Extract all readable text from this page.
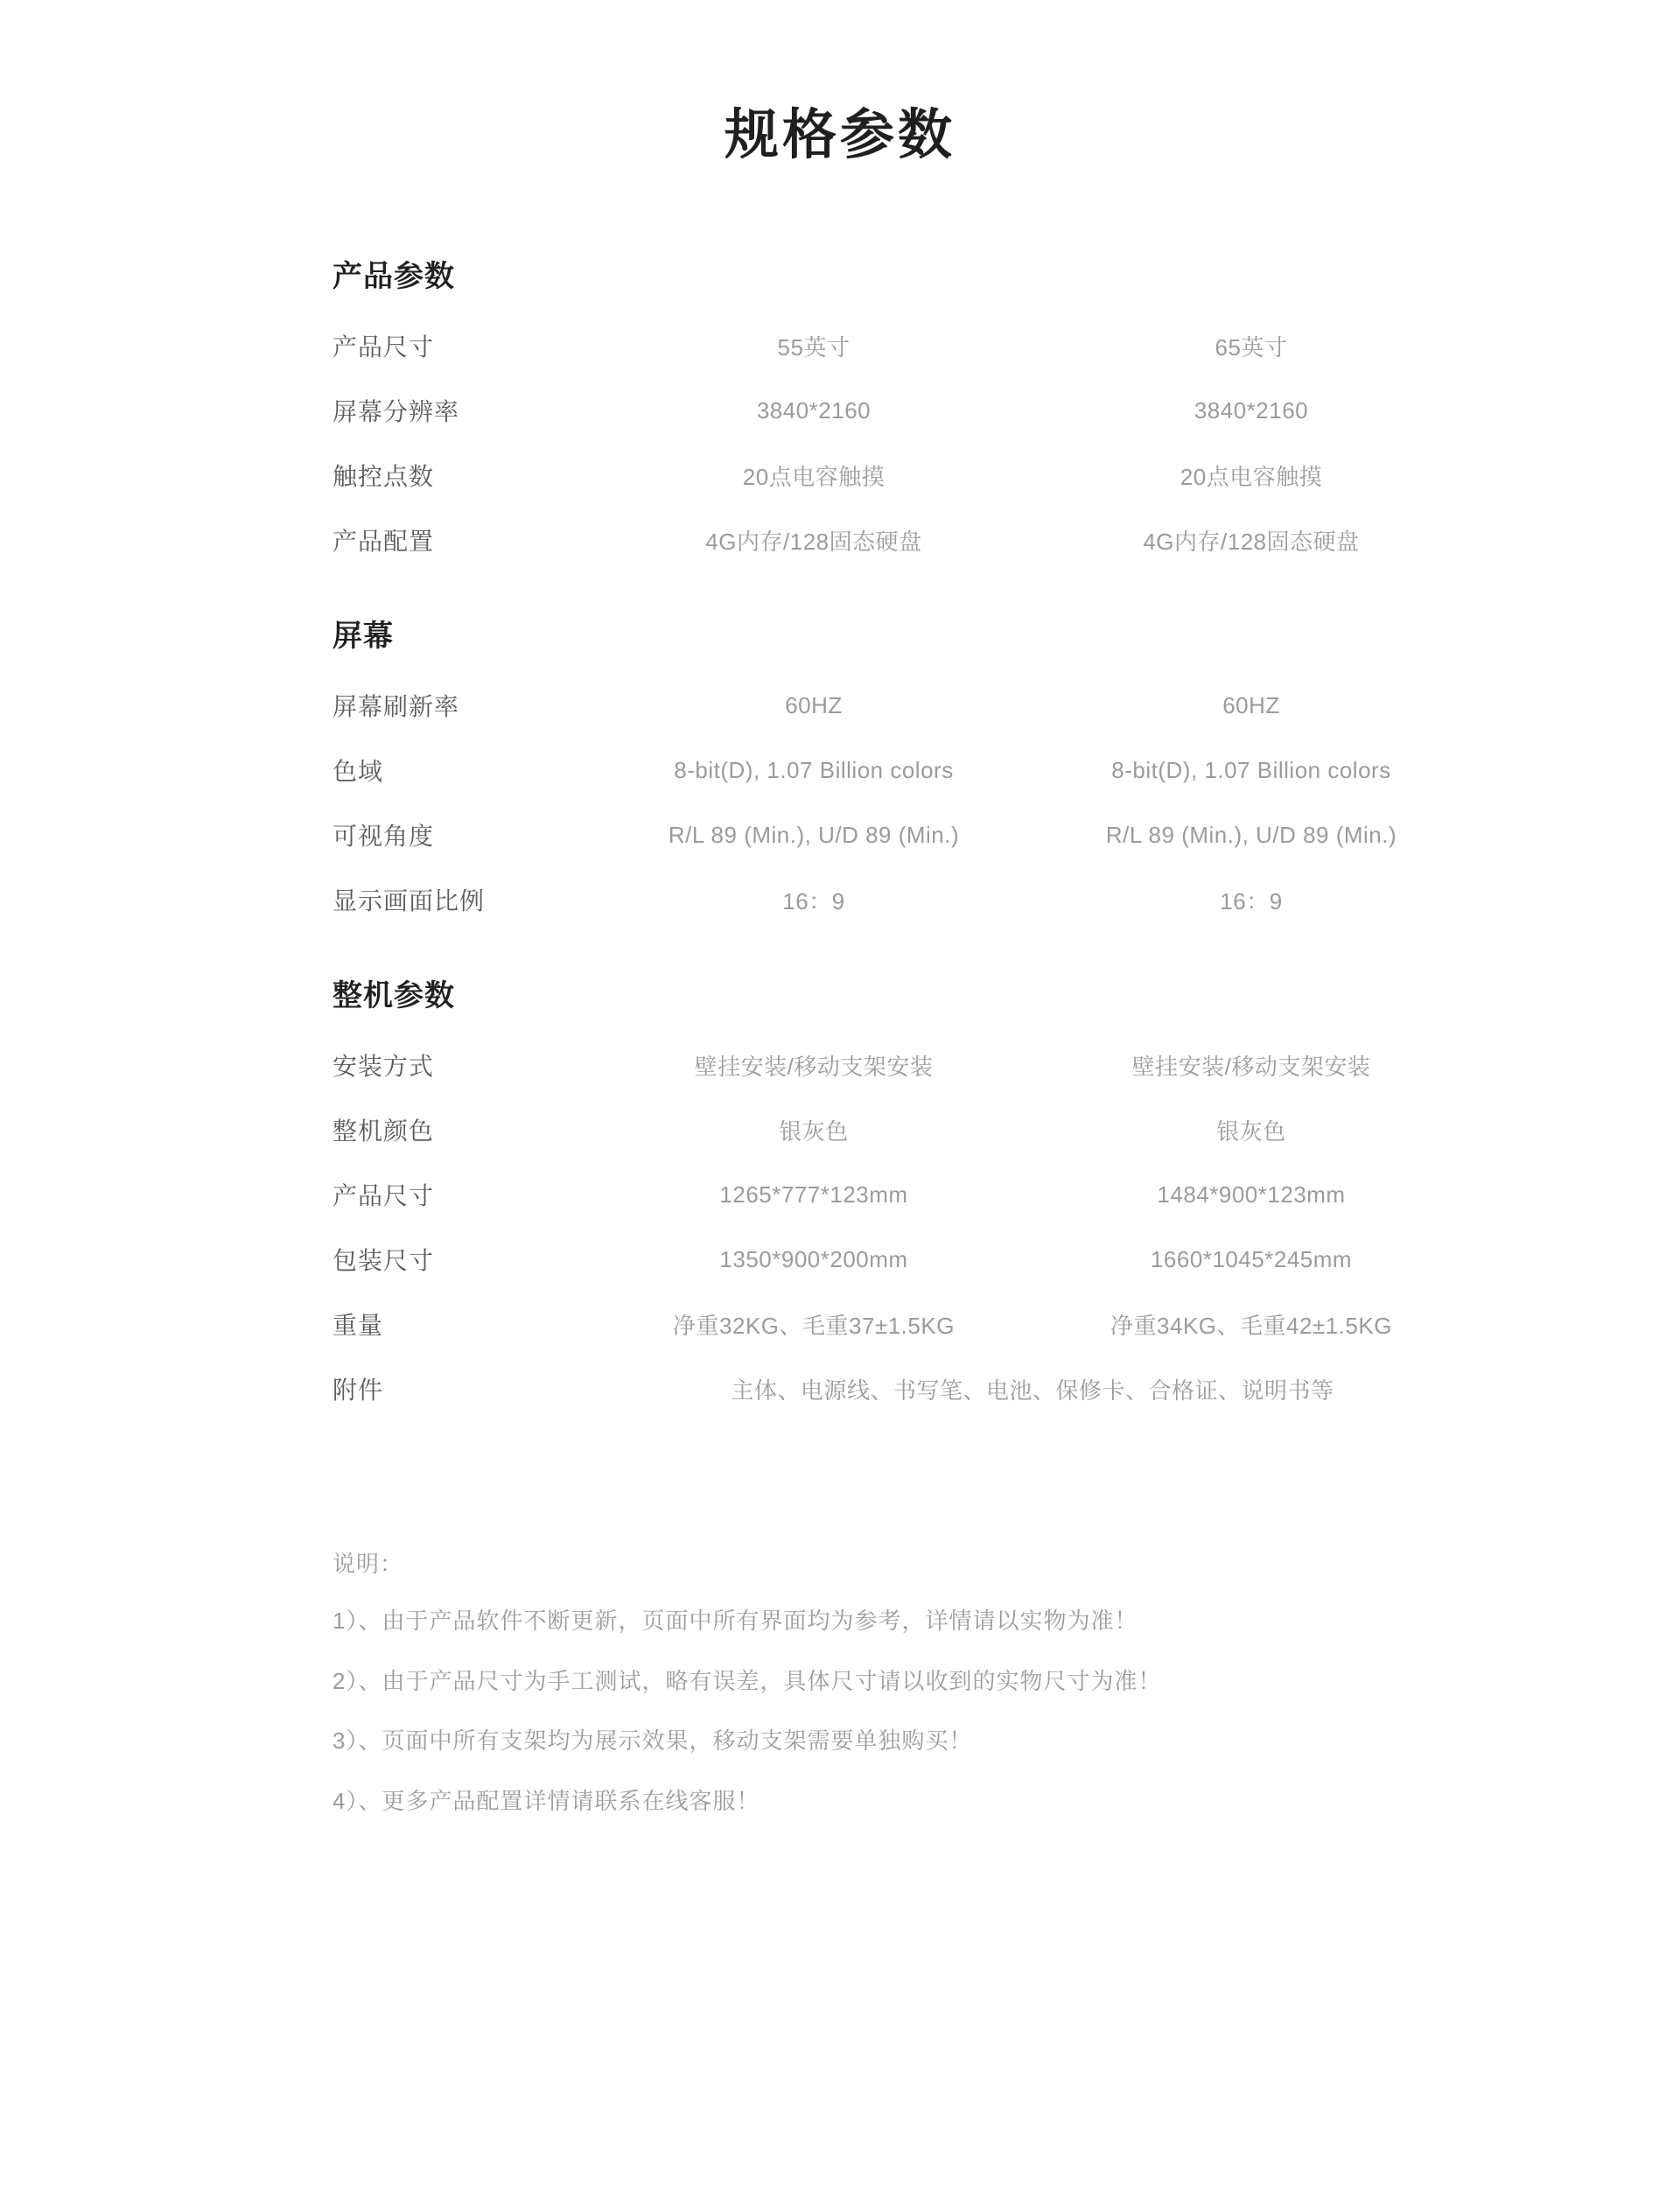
规格参数
产品参数
产品尺寸	55英寸	65英寸
屏幕分辨率	3840*2160	3840*2160
触控点数	20点电容触摸	20点电容触摸
产品配置	4G内存/128固态硬盘	4G内存/128固态硬盘
屏幕
屏幕刷新率	60HZ	60HZ
色域	8-bit(D), 1.07 Billion colors	8-bit(D), 1.07 Billion colors
可视角度	R/L 89 (Min.), U/D 89 (Min.)	R/L 89 (Min.), U/D 89 (Min.)
显示画面比例	16：9	16：9
整机参数
安装方式	壁挂安装/移动支架安装	壁挂安装/移动支架安装
整机颜色	银灰色	银灰色
产品尺寸	1265*777*123mm	1484*900*123mm
包装尺寸	1350*900*200mm	1660*1045*245mm
重量	净重32KG、毛重37±1.5KG	净重34KG、毛重42±1.5KG
附件	主体、电源线、书写笔、电池、保修卡、合格证、说明书等
说明：
1）、由于产品软件不断更新，页面中所有界面均为参考，详情请以实物为准！
2）、由于产品尺寸为手工测试，略有误差，具体尺寸请以收到的实物尺寸为准！
3）、页面中所有支架均为展示效果，移动支架需要单独购买！
4）、更多产品配置详情请联系在线客服！
